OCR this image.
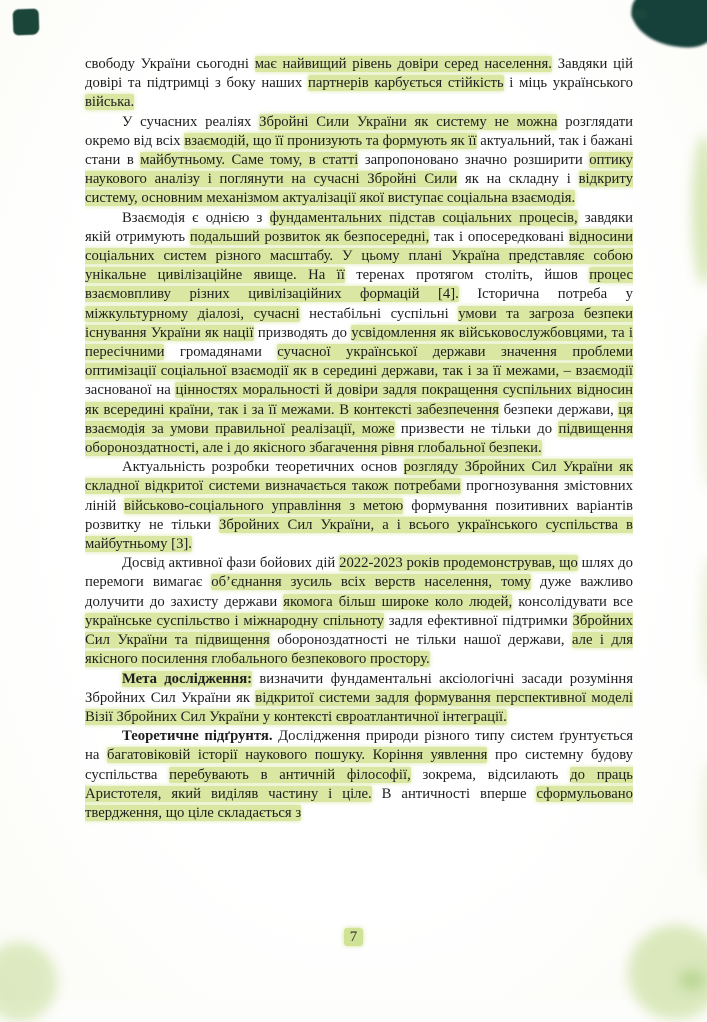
свободу України сьогодні має найвищий рівень довіри серед населення. Завдяки цій довірі та підтримці з боку наших партнерів карбується стійкість і міць українського війська.

У сучасних реаліях Збройні Сили України як систему не можна розглядати окремо від всіх взаємодій, що її пронизують та формують як її актуальний, так і бажані стани в майбутньому. Саме тому, в статті запропоновано значно розширити оптику наукового аналізу і поглянути на сучасні Збройні Сили як на складну і відкриту систему, основним механізмом актуалізації якої виступає соціальна взаємодія.

Взаємодія є однією з фундаментальних підстав соціальних процесів, завдяки якій отримують подальший розвиток як безпосередні, так і опосередковані відносини соціальних систем різного масштабу. У цьому плані Україна представляє собою унікальне цивілізаційне явище. На її теренах протягом століть, йшов процес взаємовпливу різних цивілізаційних формацій [4]. Історична потреба у міжкультурному діалозі, сучасні нестабільні суспільні умови та загроза безпеки існування України як нації призводять до усвідомлення як військовослужбовцями, та і пересічними громадянами сучасної української держави значення проблеми оптимізації соціальної взаємодії як в середині держави, так і за її межами, – взаємодії заснованої на цінностях моральності й довіри задля покращення суспільних відносин як всередині країни, так і за її межами. В контексті забезпечення безпеки держави, ця взаємодія за умови правильної реалізації, може призвести не тільки до підвищення обороноздатності, але і до якісного збагачення рівня глобальної безпеки.

Актуальність розробки теоретичних основ розгляду Збройних Сил України як складної відкритої системи визначається також потребами прогнозування змістовних ліній військово-соціального управління з метою формування позитивних варіантів розвитку не тільки Збройних Сил України, а і всього українського суспільства в майбутньому [3].

Досвід активної фази бойових дій 2022-2023 років продемонстрував, що шлях до перемоги вимагає об’єднання зусиль всіх верств населення, тому дуже важливо долучити до захисту держави якомога більш широке коло людей, консолідувати все українське суспільство і міжнародну спільноту задля ефективної підтримки Збройних Сил України та підвищення обороноздатності не тільки нашої держави, але і для якісного посилення глобального безпекового простору.

Мета дослідження: визначити фундаментальні аксіологічні засади розуміння Збройних Сил України як відкритої системи задля формування перспективної моделі Візії Збройних Сил України у контексті євроатлантичної інтеграції.

Теоретичне підґрунтя. Дослідження природи різного типу систем ґрунтується на багатовіковій історії наукового пошуку. Коріння уявлення про системну будову суспільства перебувають в античній філософії, зокрема, відсилають до праць Аристотеля, який виділяв частину і ціле. В античності вперше сформульовано твердження, що ціле складається з

7
